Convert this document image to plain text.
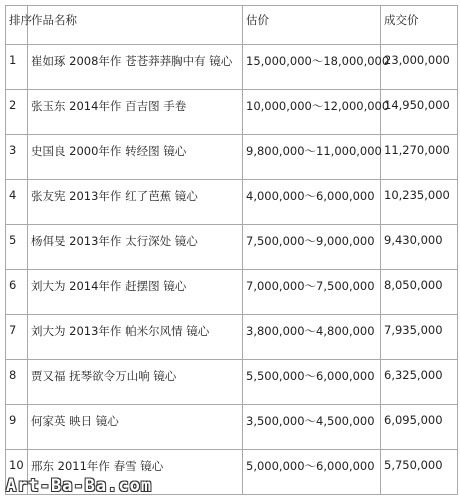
排序	作品名称	估价	成交价

1	崔如琢 2008年作 苍苍莽莽胸中有 镜心	15,000,000～18,000,000	23,000,000

2	张玉东 2014年作 百吉图 手卷	10,000,000～12,000,000	14,950,000

3	史国良 2000年作 转经图 镜心	9,800,000～11,000,000	11,270,000

4	张友宪 2013年作 红了芭蕉 镜心	4,000,000～6,000,000	10,235,000

5	杨佴旻 2013年作 太行深处 镜心	7,500,000～9,000,000	9,430,000

6	刘大为 2014年作 赶摆图 镜心	7,000,000～7,500,000	8,050,000

7	刘大为 2013年作 帕米尔风情 镜心	3,800,000～4,800,000	7,935,000

8	贾又福 抚琴欲令万山响 镜心	5,500,000～6,000,000	6,325,000

9	何家英 映日 镜心	3,500,000～4,500,000	6,095,000

10	邢东 2011年作 春雪 镜心	5,000,000～6,000,000	5,750,000
Art-Ba-Ba.com
